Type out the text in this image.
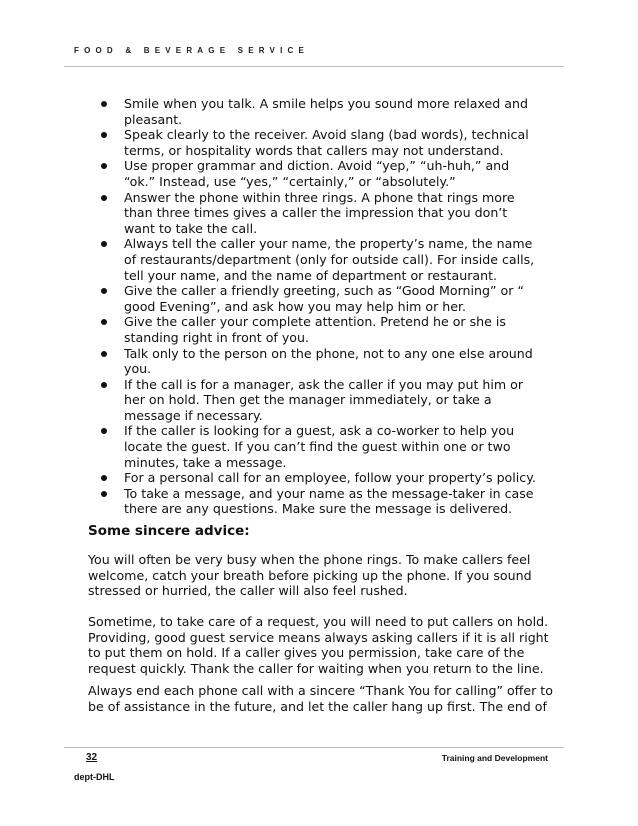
FOOD & BEVERAGE SERVICE
Smile when you talk. A smile helps you sound more relaxed and pleasant.
Speak clearly to the receiver. Avoid slang (bad words), technical terms, or hospitality words that callers may not understand.
Use proper grammar and diction. Avoid “yep,” “uh-huh,” and “ok.” Instead, use “yes,” “certainly,” or “absolutely.”
Answer the phone within three rings. A phone that rings more than three times gives a caller the impression that you don’t want to take the call.
Always tell the caller your name, the property’s name, the name of restaurants/department (only for outside call). For inside calls, tell your name, and the name of department or restaurant.
Give the caller a friendly greeting, such as “Good Morning” or “ good Evening”, and ask how you may help him or her.
Give the caller your complete attention. Pretend he or she is standing right in front of you.
Talk only to the person on the phone, not to any one else around you.
If the call is for a manager, ask the caller if you may put him or her on hold. Then get the manager immediately, or take a message if necessary.
If the caller is looking for a guest, ask a co-worker to help you locate the guest. If you can’t find the guest within one or two minutes, take a message.
For a personal call for an employee, follow your property’s policy.
To take a message, and your name as the message-taker in case there are any questions. Make sure the message is delivered.
Some sincere advice:

You will often be very busy when the phone rings. To make callers feel welcome, catch your breath before picking up the phone. If you sound stressed or hurried, the caller will also feel rushed.

Sometime, to take care of a request, you will need to put callers on hold. Providing, good guest service means always asking callers if it is all right to put them on hold. If a caller gives you permission, take care of the request quickly. Thank the caller for waiting when you return to the line.

Always end each phone call with a sincere “Thank You for calling” offer to be of assistance in the future, and let the caller hang up first. The end of

32	Training and Development
dept-DHL
